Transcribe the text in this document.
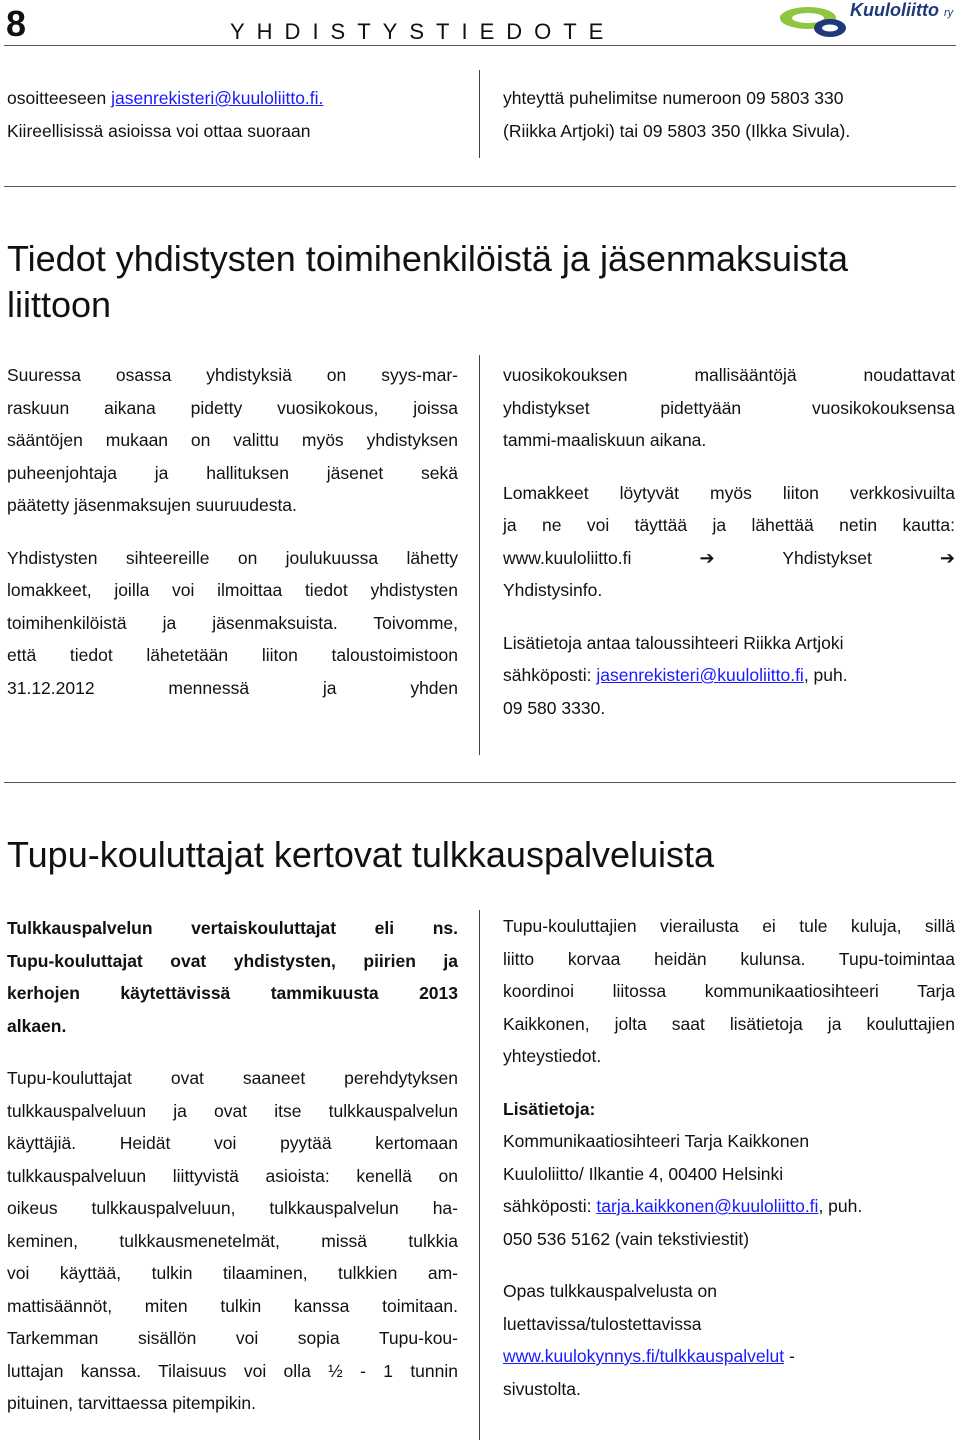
8	YHDISTYSTIEDOTE
Kuuloliitto ry
osoitteeseen jasenrekisteri@kuuloliitto.fi.
Kiireellisissä asioissa voi ottaa suoraan
yhteyttä puhelimitse numeroon 09 5803 330
(Riikka Artjoki) tai 09 5803 350 (Ilkka Sivula).
Tiedot yhdistysten toimihenkilöistä ja jäsenmaksuista
liittoon
Suuressa osassa yhdistyksiä on syys-mar-
raskuun aikana pidetty vuosikokous, joissa
sääntöjen mukaan on valittu myös yhdistyksen
puheenjohtaja ja hallituksen jäsenet sekä
päätetty jäsenmaksujen suuruudesta.
Yhdistysten sihteereille on joulukuussa lähetty
lomakkeet, joilla voi ilmoittaa tiedot yhdistysten
toimihenkilöistä ja jäsenmaksuista. Toivomme,
että tiedot lähetetään liiton taloustoimistoon
31.12.2012 mennessä ja yhden
vuosikokouksen mallisääntöjä noudattavat
yhdistykset pidettyään vuosikokouksensa
tammi-maaliskuun aikana.
Lomakkeet löytyvät myös liiton verkkosivuilta
ja ne voi täyttää ja lähettää netin kautta:
www.kuuloliitto.fi	➔	Yhdistykset	➔
Yhdistysinfo.
Lisätietoja antaa taloussihteeri Riikka Artjoki
sähköposti: jasenrekisteri@kuuloliitto.fi, puh.
09 580 3330.
Tupu-kouluttajat kertovat tulkkauspalveluista
Tulkkauspalvelun vertaiskouluttajat eli ns.
Tupu-kouluttajat ovat yhdistysten, piirien ja
kerhojen käytettävissä tammikuusta 2013
alkaen.
Tupu-kouluttajat ovat saaneet perehdytyksen
tulkkauspalveluun ja ovat itse tulkkauspalvelun
käyttäjiä. Heidät voi pyytää kertomaan
tulkkauspalveluun liittyvistä asioista: kenellä on
oikeus tulkkauspalveluun, tulkkauspalvelun ha-
keminen, tulkkausmenetelmät, missä tulkkia
voi käyttää, tulkin tilaaminen, tulkkien am-
mattisäännöt, miten tulkin kanssa toimitaan.
Tarkemman sisällön voi sopia Tupu-kou-
luttajan kanssa. Tilaisuus voi olla ½ - 1 tunnin
pituinen, tarvittaessa pitempikin.
Tupu-kouluttajien vierailusta ei tule kuluja, sillä
liitto korvaa heidän kulunsa. Tupu-toimintaa
koordinoi liitossa kommunikaatiosihteeri Tarja
Kaikkonen, jolta saat lisätietoja ja kouluttajien
yhteystiedot.
Lisätietoja:
Kommunikaatiosihteeri Tarja Kaikkonen
Kuuloliitto/ Ilkantie 4, 00400 Helsinki
sähköposti: tarja.kaikkonen@kuuloliitto.fi, puh.
050 536 5162 (vain tekstiviestit)
Opas tulkkauspalvelusta on
luettavissa/tulostettavissa
www.kuulokynnys.fi/tulkkauspalvelut -
sivustolta.
